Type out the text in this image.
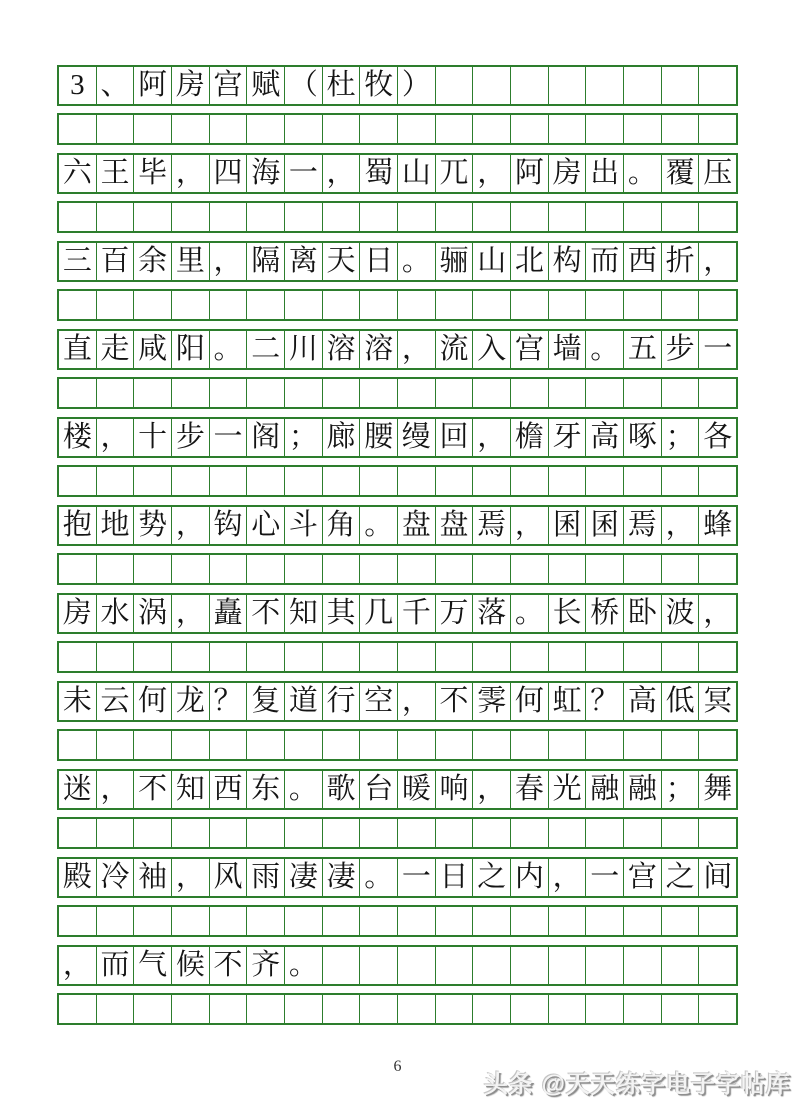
3 、 阿 房 宫 赋 （ 杜 牧 ）
六 王 毕 ， 四 海 一 ， 蜀 山 兀 ， 阿 房 出 。 覆 压
三 百 余 里 ， 隔 离 天 日 。 骊 山 北 构 而 西 折 ，
直 走 咸 阳 。 二 川 溶 溶 ， 流 入 宫 墙 。 五 步 一
楼 ， 十 步 一 阁 ； 廊 腰 缦 回 ， 檐 牙 高 啄 ； 各
抱 地 势 ， 钩 心 斗 角 。 盘 盘 焉 ， 囷 囷 焉 ， 蜂
房 水 涡 ， 矗 不 知 其 几 千 万 落 。 长 桥 卧 波 ，
未 云 何 龙 ？ 复 道 行 空 ， 不 霁 何 虹 ？ 高 低 冥
迷 ， 不 知 西 东 。 歌 台 暖 响 ， 春 光 融 融 ； 舞
殿 冷 袖 ， 风 雨 凄 凄 。 一 日 之 内 ， 一 宫 之 间
， 而 气 候 不 齐 。
6
头条 @天天练字电子字帖库
